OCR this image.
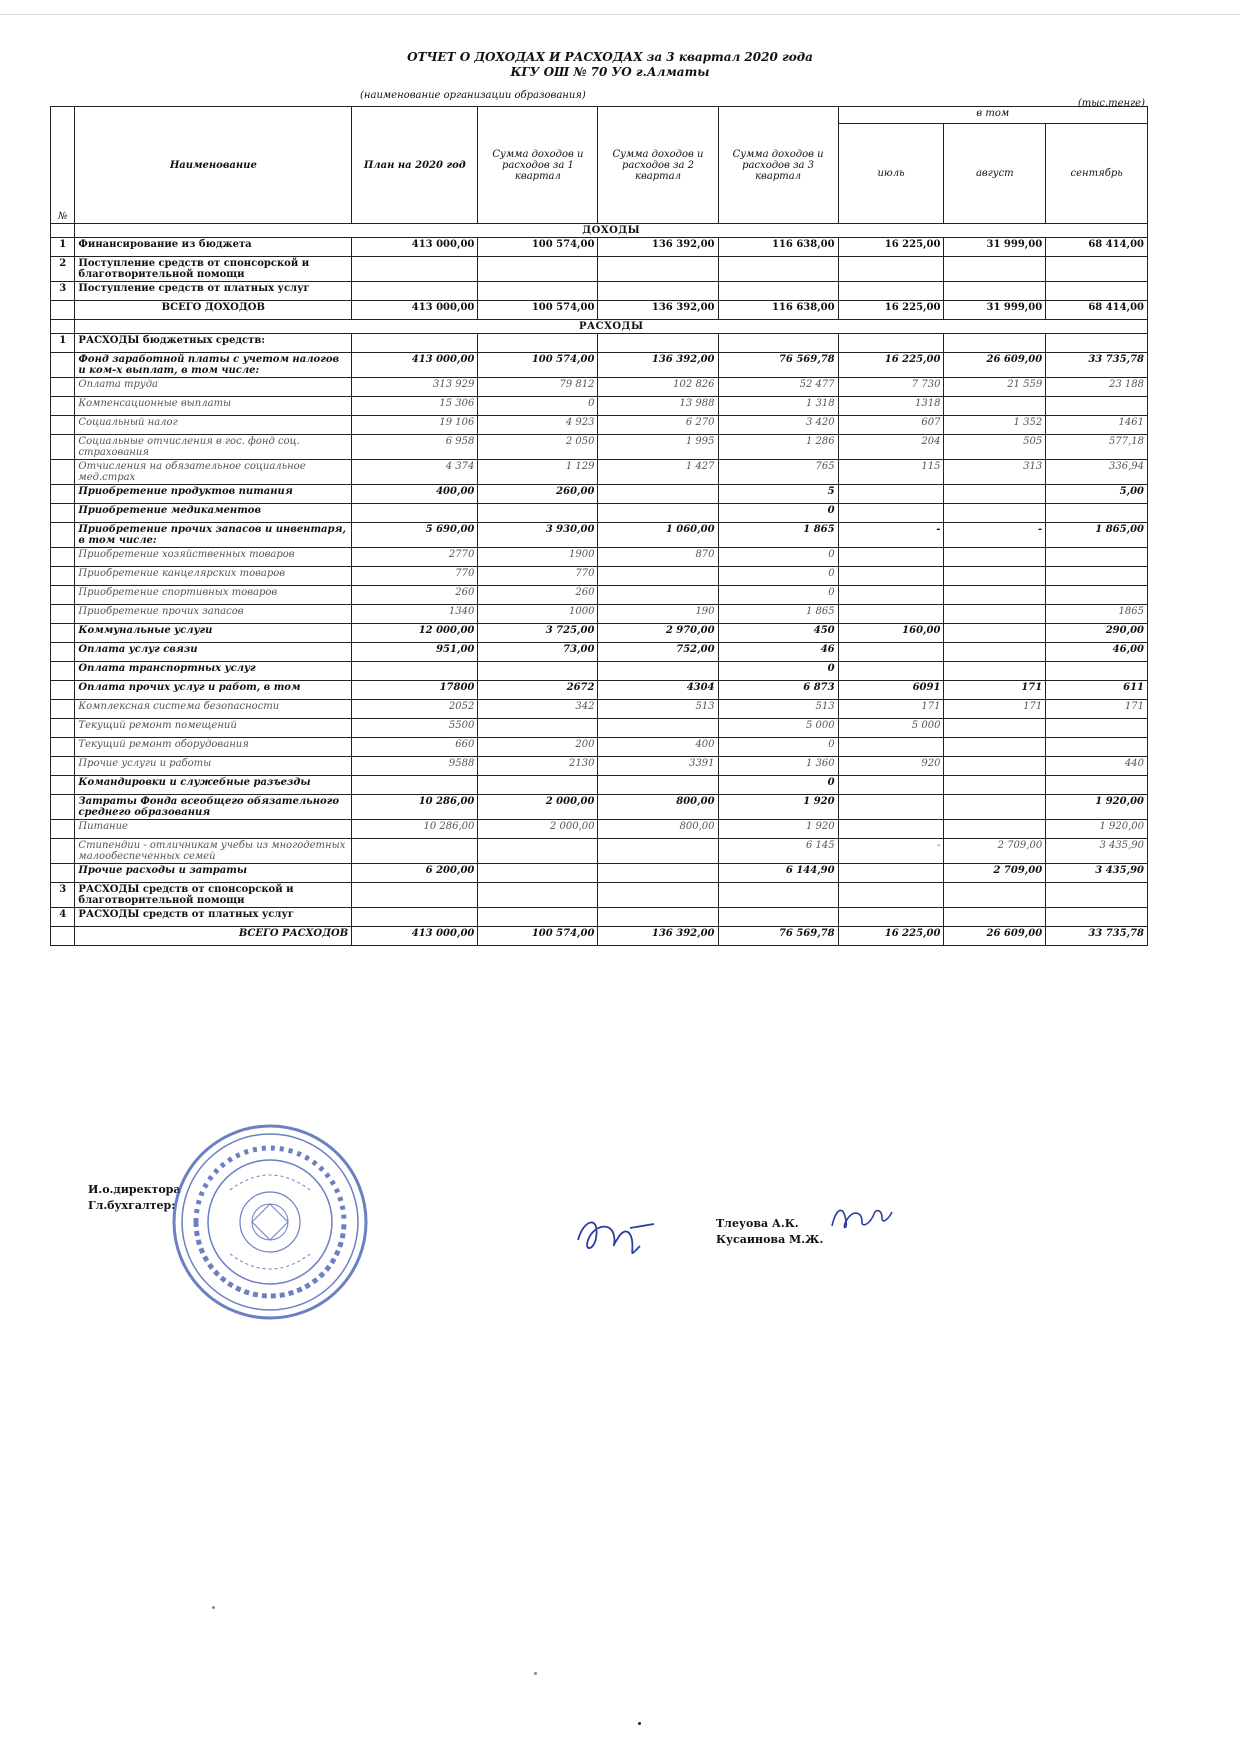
ОТЧЕТ О ДОХОДАХ И РАСХОДАХ за 3 квартал 2020 года
КГУ ОШ № 70 УО г.Алматы
(наименование организации образования)
(тыс.тенге)
№	Наименование	План на 2020 год	Сумма доходов и расходов за 1 квартал	Сумма доходов и расходов за 2 квартал	Сумма доходов и расходов за 3 квартал	в том		
						июль	август	сентябрь
	ДОХОДЫ							
1	Финансирование из бюджета	413 000,00	100 574,00	136 392,00	116 638,00	16 225,00	31 999,00	68 414,00
2	Поступление средств от спонсорской и благотворительной помощи							
3	Поступление средств от платных услуг							
	ВСЕГО ДОХОДОВ	413 000,00	100 574,00	136 392,00	116 638,00	16 225,00	31 999,00	68 414,00
	РАСХОДЫ							
1	РАСХОДЫ бюджетных средств:							
	Фонд заработной платы с учетом налогов и ком-х выплат, в том числе:	413 000,00	100 574,00	136 392,00	76 569,78	16 225,00	26 609,00	33 735,78
	Оплата труда	313 929	79 812	102 826	52 477	7 730	21 559	23 188
	Компенсационные выплаты	15 306	0	13 988	1 318	1318		
	Социальный налог	19 106	4 923	6 270	3 420	607	1 352	1461
	Социальные отчисления в гос. фонд соц. страхования	6 958	2 050	1 995	1 286	204	505	577,18
	Отчисления на обязательное социальное мед.страх	4 374	1 129	1 427	765	115	313	336,94
	Приобретение продуктов питания	400,00	260,00		5			5,00
	Приобретение медикаментов				0			
	Приобретение прочих запасов и инвентаря, в том числе:	5 690,00	3 930,00	1 060,00	1 865	-	-	1 865,00
	Приобретение хозяйственных товаров	2770	1900	870	0			
	Приобретение канцелярских товаров	770	770		0			
	Приобретение спортивных товаров	260	260		0			
	Приобретение прочих запасов	1340	1000	190	1 865			1865
	Коммунальные услуги	12 000,00	3 725,00	2 970,00	450	160,00		290,00
	Оплата услуг связи	951,00	73,00	752,00	46			46,00
	Оплата транспортных услуг				0			
	Оплата прочих услуг и работ, в том	17800	2672	4304	6 873	6091	171	611
	Комплексная система безопасности	2052	342	513	513	171	171	171
	Текущий ремонт помещений	5500			5 000	5 000		
	Текущий ремонт оборудования	660	200	400	0			
	Прочие услуги и работы	9588	2130	3391	1 360	920		440
	Командировки и служебные разъезды				0			
	Затраты Фонда всеобщего обязательного среднего образования	10 286,00	2 000,00	800,00	1 920			1 920,00
	Питание	10 286,00	2 000,00	800,00	1 920			1 920,00
	Стипендии - отличникам учебы из многодетных малообеспеченных семей				6 145	-	2 709,00	3 435,90
	Прочие расходы и затраты	6 200,00			6 144,90		2 709,00	3 435,90
3	РАСХОДЫ средств от спонсорской и благотворительной помощи							
4	РАСХОДЫ средств от платных услуг							
	ВСЕГО РАСХОДОВ	413 000,00	100 574,00	136 392,00	76 569,78	16 225,00	26 609,00	33 735,78
И.о.директора
Гл.бухгалтер:
Тлеуова А.К.
Кусаинова М.Ж.
